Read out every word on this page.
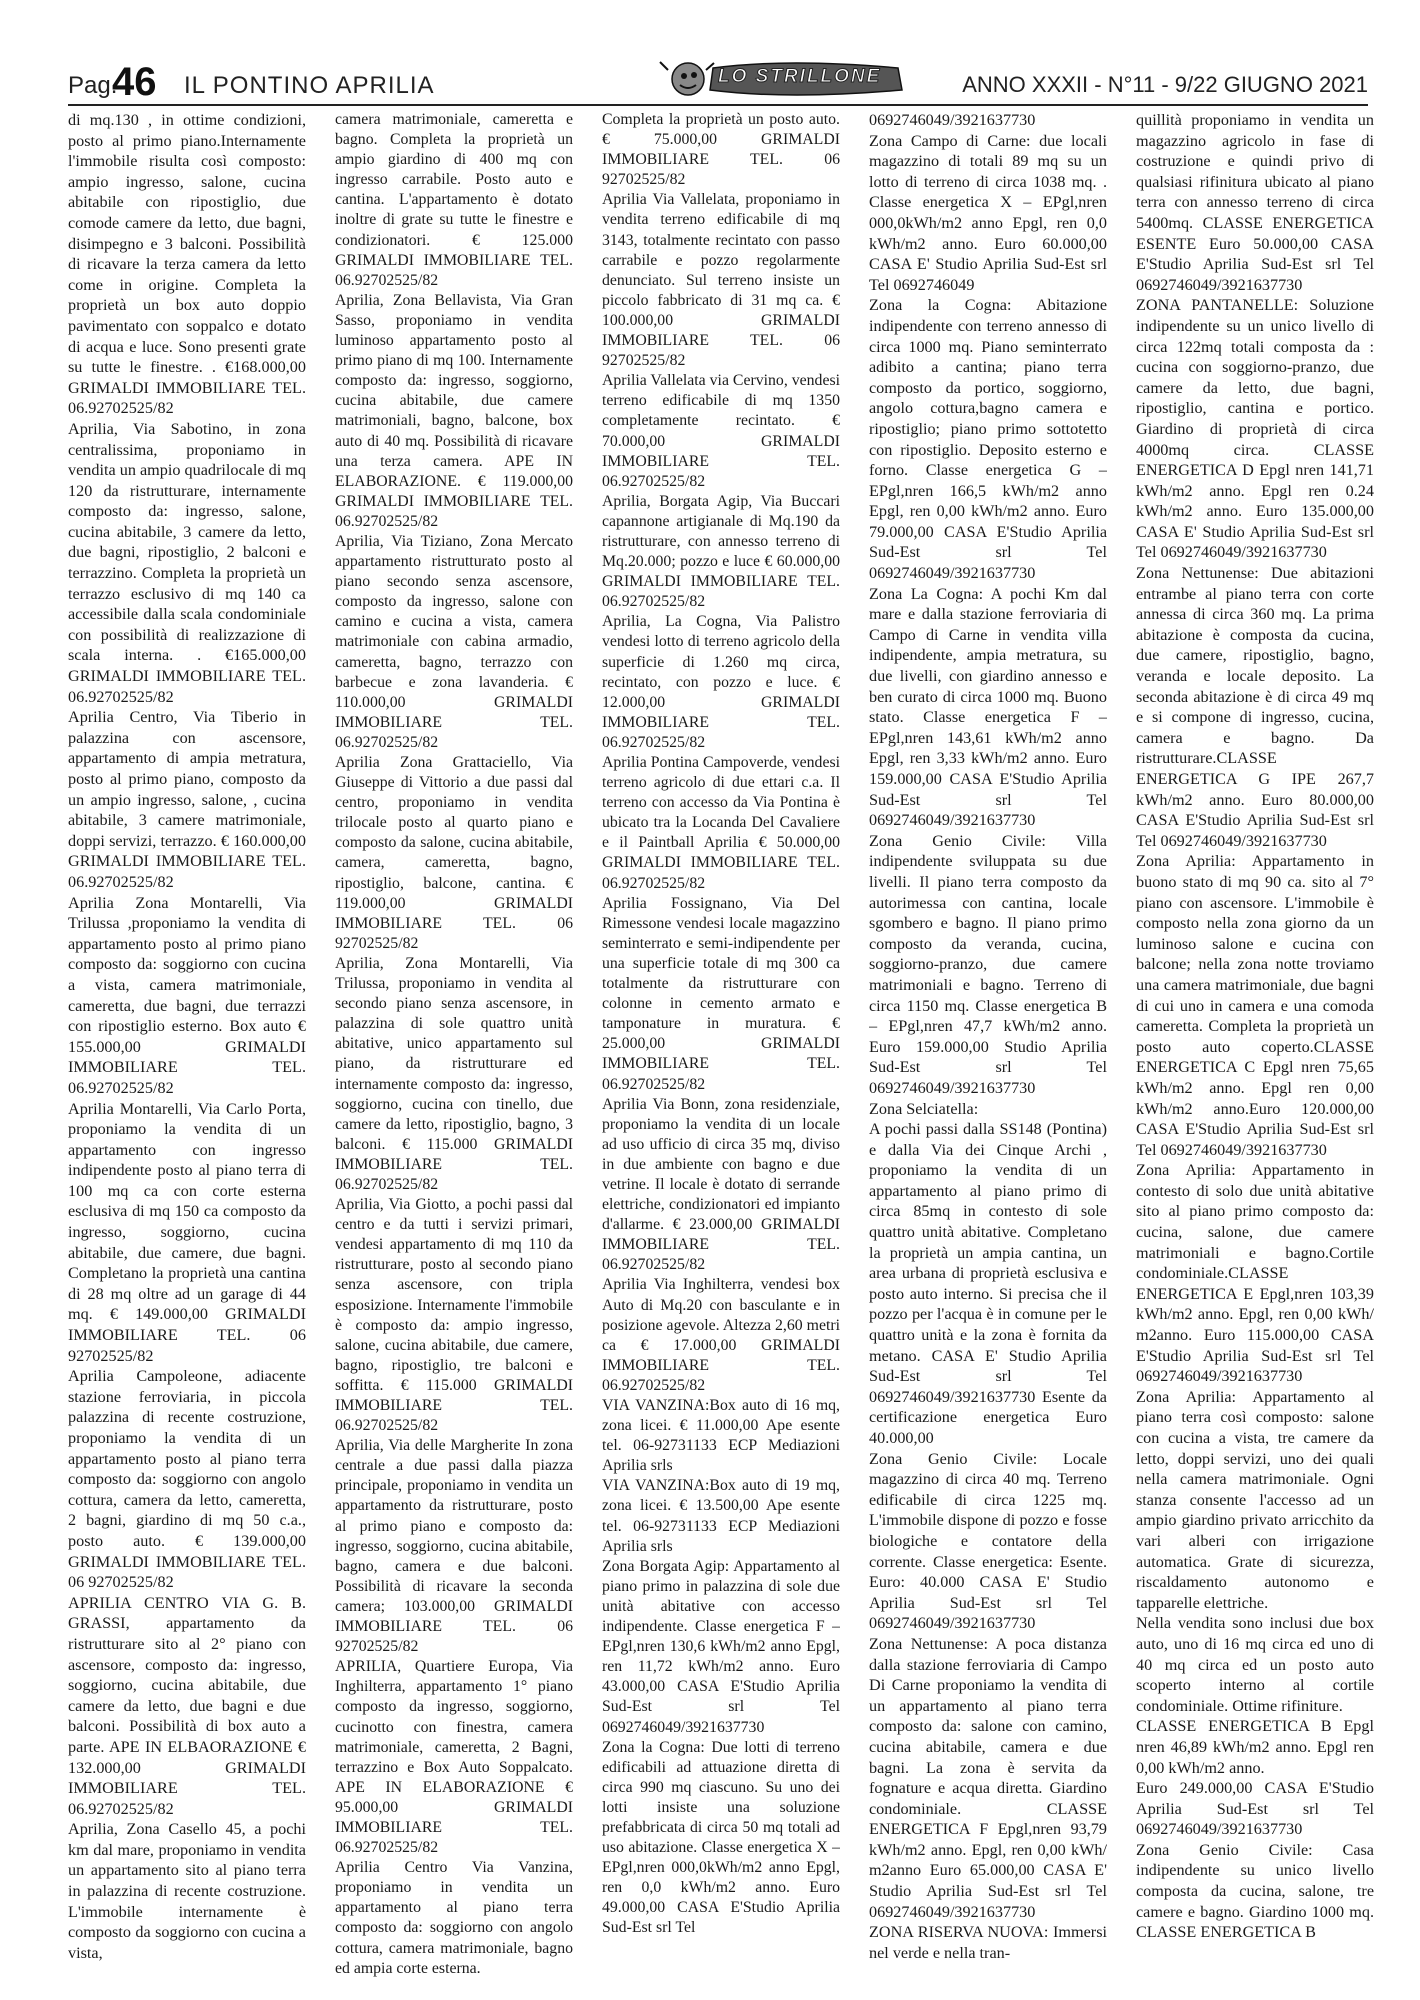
Pag.
46 IL PONTINO APRILIA	LO STRILLONE	ANNO XXXII - N°11 - 9/22 GIUGNO 2021

di mq.130 , in ottime condizioni, posto al primo piano.Internamente l'immobile risulta così composto: ampio ingresso, salone, cucina abitabile con ripostiglio, due comode camere da letto, due bagni, disimpegno e 3 balconi. Possibilità di ricavare la terza camera da letto come in origine. Completa la proprietà un box auto doppio pavimentato con soppalco e dotato di acqua e luce. Sono presenti grate su tutte le finestre. . €168.000,00 GRIMALDI IMMOBILIARE TEL. 06.92702525/82

Aprilia, Via Sabotino, in zona centralissima, proponiamo in vendita un ampio quadrilocale di mq 120 da ristrutturare, internamente composto da: ingresso, salone, cucina abitabile, 3 camere da letto, due bagni, ripostiglio, 2 balconi e terrazzino. Completa la proprietà un terrazzo esclusivo di mq 140 ca accessibile dalla scala condominiale con possibilità di realizzazione di scala interna. . €165.000,00 GRIMALDI IMMOBILIARE TEL. 06.92702525/82

Aprilia Centro, Via Tiberio in palazzina con ascensore, appartamento di ampia metratura, posto al primo piano, composto da un ampio ingresso, salone, , cucina abitabile, 3 camere matrimoniale, doppi servizi, terrazzo. € 160.000,00 GRIMALDI IMMOBILIARE TEL. 06.92702525/82

Aprilia Zona Montarelli, Via Trilussa ,proponiamo la vendita di appartamento posto al primo piano composto da: soggiorno con cucina a vista, camera matrimoniale, cameretta, due bagni, due terrazzi con ripostiglio esterno. Box auto € 155.000,00 GRIMALDI IMMOBILIARE TEL. 06.92702525/82

Aprilia Montarelli, Via Carlo Porta, proponiamo la vendita di un appartamento con ingresso indipendente posto al piano terra di 100 mq ca con corte esterna esclusiva di mq 150 ca composto da ingresso, soggiorno, cucina abitabile, due camere, due bagni. Completano la proprietà una cantina di 28 mq oltre ad un garage di 44 mq. € 149.000,00 GRIMALDI IMMOBILIARE TEL. 06 92702525/82

Aprilia Campoleone, adiacente stazione ferroviaria, in piccola palazzina di recente costruzione, proponiamo la vendita di un appartamento posto al piano terra composto da: soggiorno con angolo cottura, camera da letto, cameretta, 2 bagni, giardino di mq 50 c.a., posto auto. € 139.000,00 GRIMALDI IMMOBILIARE TEL. 06 92702525/82

APRILIA CENTRO VIA G. B. GRASSI, appartamento da ristrutturare sito al 2° piano con ascensore, composto da: ingresso, soggiorno, cucina abitabile, due camere da letto, due bagni e due balconi. Possibilità di box auto a parte. APE IN ELBAORAZIONE € 132.000,00 GRIMALDI IMMOBILIARE TEL. 06.92702525/82

Aprilia, Zona Casello 45, a pochi km dal mare, proponiamo in vendita un appartamento sito al piano terra in palazzina di recente costruzione. L'immobile internamente è composto da soggiorno con cucina a vista,

camera matrimoniale, cameretta e bagno. Completa la proprietà un ampio giardino di 400 mq con ingresso carrabile. Posto auto e cantina. L'appartamento è dotato inoltre di grate su tutte le finestre e condizionatori. € 125.000 GRIMALDI IMMOBILIARE TEL. 06.92702525/82

Aprilia, Zona Bellavista, Via Gran Sasso, proponiamo in vendita luminoso appartamento posto al primo piano di mq 100. Internamente composto da: ingresso, soggiorno, cucina abitabile, due camere matrimoniali, bagno, balcone, box auto di 40 mq. Possibilità di ricavare una terza camera. APE IN ELABORAZIONE. € 119.000,00 GRIMALDI IMMOBILIARE TEL. 06.92702525/82

Aprilia, Via Tiziano, Zona Mercato appartamento ristrutturato posto al piano secondo senza ascensore, composto da ingresso, salone con camino e cucina a vista, camera matrimoniale con cabina armadio, cameretta, bagno, terrazzo con barbecue e zona lavanderia. € 110.000,00 GRIMALDI IMMOBILIARE TEL. 06.92702525/82

Aprilia Zona Grattaciello, Via Giuseppe di Vittorio a due passi dal centro, proponiamo in vendita trilocale posto al quarto piano e composto da salone, cucina abitabile, camera, cameretta, bagno, ripostiglio, balcone, cantina. € 119.000,00 GRIMALDI IMMOBILIARE TEL. 06 92702525/82

Aprilia, Zona Montarelli, Via Trilussa, proponiamo in vendita al secondo piano senza ascensore, in palazzina di sole quattro unità abitative, unico appartamento sul piano, da ristrutturare ed internamente composto da: ingresso, soggiorno, cucina con tinello, due camere da letto, ripostiglio, bagno, 3 balconi. € 115.000 GRIMALDI IMMOBILIARE TEL. 06.92702525/82

Aprilia, Via Giotto, a pochi passi dal centro e da tutti i servizi primari, vendesi appartamento di mq 110 da ristrutturare, posto al secondo piano senza ascensore, con tripla esposizione. Internamente l'immobile è composto da: ampio ingresso, salone, cucina abitabile, due camere, bagno, ripostiglio, tre balconi e soffitta. € 115.000 GRIMALDI IMMOBILIARE TEL. 06.92702525/82

Aprilia, Via delle Margherite In zona centrale a due passi dalla piazza principale, proponiamo in vendita un appartamento da ristrutturare, posto al primo piano e composto da: ingresso, soggiorno, cucina abitabile, bagno, camera e due balconi. Possibilità di ricavare la seconda camera; 103.000,00 GRIMALDI IMMOBILIARE TEL. 06 92702525/82

APRILIA, Quartiere Europa, Via Inghilterra, appartamento 1° piano composto da ingresso, soggiorno, cucinotto con finestra, camera matrimoniale, cameretta, 2 Bagni, terrazzino e Box Auto Soppalcato. APE IN ELABORAZIONE € 95.000,00 GRIMALDI IMMOBILIARE TEL. 06.92702525/82

Aprilia Centro Via Vanzina, proponiamo in vendita un appartamento al piano terra composto da: soggiorno con angolo cottura, camera matrimoniale, bagno ed ampia corte esterna.

Completa la proprietà un posto auto. € 75.000,00 GRIMALDI IMMOBILIARE TEL. 06 92702525/82

Aprilia Via Vallelata, proponiamo in vendita terreno edificabile di mq 3143, totalmente recintato con passo carrabile e pozzo regolarmente denunciato. Sul terreno insiste un piccolo fabbricato di 31 mq ca. € 100.000,00 GRIMALDI IMMOBILIARE TEL. 06 92702525/82

Aprilia Vallelata via Cervino, vendesi terreno edificabile di mq 1350 completamente recintato. € 70.000,00 GRIMALDI IMMOBILIARE TEL. 06.92702525/82

Aprilia, Borgata Agip, Via Buccari capannone artigianale di Mq.190 da ristrutturare, con annesso terreno di Mq.20.000; pozzo e luce € 60.000,00 GRIMALDI IMMOBILIARE TEL. 06.92702525/82

Aprilia, La Cogna, Via Palistro vendesi lotto di terreno agricolo della superficie di 1.260 mq circa, recintato, con pozzo e luce. € 12.000,00 GRIMALDI IMMOBILIARE TEL. 06.92702525/82

Aprilia Pontina Campoverde, vendesi terreno agricolo di due ettari c.a. Il terreno con accesso da Via Pontina è ubicato tra la Locanda Del Cavaliere e il Paintball Aprilia € 50.000,00 GRIMALDI IMMOBILIARE TEL. 06.92702525/82

Aprilia Fossignano, Via Del Rimessone vendesi locale magazzino seminterrato e semi-indipendente per una superficie totale di mq 300 ca totalmente da ristrutturare con colonne in cemento armato e tamponature in muratura. € 25.000,00 GRIMALDI IMMOBILIARE TEL. 06.92702525/82

Aprilia Via Bonn, zona residenziale, proponiamo la vendita di un locale ad uso ufficio di circa 35 mq, diviso in due ambiente con bagno e due vetrine. Il locale è dotato di serrande elettriche, condizionatori ed impianto d'allarme. € 23.000,00 GRIMALDI IMMOBILIARE TEL. 06.92702525/82

Aprilia Via Inghilterra, vendesi box Auto di Mq.20 con basculante e in posizione agevole. Altezza 2,60 metri ca € 17.000,00 GRIMALDI IMMOBILIARE TEL. 06.92702525/82

VIA VANZINA:Box auto di 16 mq, zona licei. € 11.000,00 Ape esente tel. 06-92731133 ECP Mediazioni Aprilia srls

VIA VANZINA:Box auto di 19 mq, zona licei. € 13.500,00 Ape esente tel. 06-92731133 ECP Mediazioni Aprilia srls

Zona Borgata Agip: Appartamento al piano primo in palazzina di sole due unità abitative con accesso indipendente. Classe energetica F – EPgl,nren 130,6 kWh/m2 anno Epgl, ren 11,72 kWh/m2 anno. Euro 43.000,00 CASA E'Studio Aprilia Sud-Est srl Tel 0692746049/3921637730

Zona la Cogna: Due lotti di terreno edificabili ad attuazione diretta di circa 990 mq ciascuno. Su uno dei lotti insiste una soluzione prefabbricata di circa 50 mq totali ad uso abitazione. Classe energetica X – EPgl,nren 000,0kWh/m2 anno Epgl, ren 0,0 kWh/m2 anno. Euro 49.000,00 CASA E'Studio Aprilia Sud-Est srl Tel

0692746049/3921637730

Zona Campo di Carne: due locali magazzino di totali 89 mq su un lotto di terreno di circa 1038 mq. . Classe energetica X – EPgl,nren 000,0kWh/m2 anno Epgl, ren 0,0 kWh/m2 anno. Euro 60.000,00 CASA E' Studio Aprilia Sud-Est srl Tel 0692746049

Zona la Cogna: Abitazione indipendente con terreno annesso di circa 1000 mq. Piano seminterrato adibito a cantina; piano terra composto da portico, soggiorno, angolo cottura,bagno camera e ripostiglio; piano primo sottotetto con ripostiglio. Deposito esterno e forno. Classe energetica G – EPgl,nren 166,5 kWh/m2 anno Epgl, ren 0,00 kWh/m2 anno. Euro 79.000,00 CASA E'Studio Aprilia Sud-Est srl Tel 0692746049/3921637730

Zona La Cogna: A pochi Km dal mare e dalla stazione ferroviaria di Campo di Carne in vendita villa indipendente, ampia metratura, su due livelli, con giardino annesso e ben curato di circa 1000 mq. Buono stato. Classe energetica F – EPgl,nren 143,61 kWh/m2 anno Epgl, ren 3,33 kWh/m2 anno. Euro 159.000,00 CASA E'Studio Aprilia Sud-Est srl Tel 0692746049/3921637730

Zona Genio Civile: Villa indipendente sviluppata su due livelli. Il piano terra composto da autorimessa con cantina, locale sgombero e bagno. Il piano primo composto da veranda, cucina, soggiorno-pranzo, due camere matrimoniali e bagno. Terreno di circa 1150 mq. Classe energetica B – EPgl,nren 47,7 kWh/m2 anno. Euro 159.000,00 Studio Aprilia Sud-Est srl Tel 0692746049/3921637730

Zona Selciatella:

A pochi passi dalla SS148 (Pontina) e dalla Via dei Cinque Archi , proponiamo la vendita di un appartamento al piano primo di circa 85mq in contesto di sole quattro unità abitative. Completano la proprietà un ampia cantina, un area urbana di proprietà esclusiva e posto auto interno. Si precisa che il pozzo per l'acqua è in comune per le quattro unità e la zona è fornita da metano. CASA E' Studio Aprilia Sud-Est srl Tel 0692746049/3921637730 Esente da certificazione energetica Euro 40.000,00

Zona Genio Civile: Locale magazzino di circa 40 mq. Terreno edificabile di circa 1225 mq. L'immobile dispone di pozzo e fosse biologiche e contatore della corrente. Classe energetica: Esente. Euro: 40.000 CASA E' Studio Aprilia Sud-Est srl Tel 0692746049/3921637730

Zona Nettunense: A poca distanza dalla stazione ferroviaria di Campo Di Carne proponiamo la vendita di un appartamento al piano terra composto da: salone con camino, cucina abitabile, camera e due bagni. La zona è servita da fognature e acqua diretta. Giardino condominiale. CLASSE ENERGETICA F Epgl,nren 93,79 kWh/m2 anno. Epgl, ren 0,00 kWh/ m2anno Euro 65.000,00 CASA E' Studio Aprilia Sud-Est srl Tel 0692746049/3921637730

ZONA RISERVA NUOVA: Immersi nel verde e nella tran-

quillità proponiamo in vendita un magazzino agricolo in fase di costruzione e quindi privo di qualsiasi rifinitura ubicato al piano terra con annesso terreno di circa 5400mq. CLASSE ENERGETICA ESENTE Euro 50.000,00 CASA E'Studio Aprilia Sud-Est srl Tel 0692746049/3921637730

ZONA PANTANELLE: Soluzione indipendente su un unico livello di circa 122mq totali composta da : cucina con soggiorno-pranzo, due camere da letto, due bagni, ripostiglio, cantina e portico. Giardino di proprietà di circa 4000mq circa. CLASSE ENERGETICA D Epgl nren 141,71 kWh/m2 anno. Epgl ren 0.24 kWh/m2 anno. Euro 135.000,00 CASA E' Studio Aprilia Sud-Est srl Tel 0692746049/3921637730

Zona Nettunense: Due abitazioni entrambe al piano terra con corte annessa di circa 360 mq. La prima abitazione è composta da cucina, due camere, ripostiglio, bagno, veranda e locale deposito. La seconda abitazione è di circa 49 mq e si compone di ingresso, cucina, camera e bagno. Da ristrutturare.CLASSE ENERGETICA G IPE 267,7 kWh/m2 anno. Euro 80.000,00 CASA E'Studio Aprilia Sud-Est srl Tel 0692746049/3921637730

Zona Aprilia: Appartamento in buono stato di mq 90 ca. sito al 7° piano con ascensore. L'immobile è composto nella zona giorno da un luminoso salone e cucina con balcone; nella zona notte troviamo una camera matrimoniale, due bagni di cui uno in camera e una comoda cameretta. Completa la proprietà un posto auto coperto.CLASSE ENERGETICA C Epgl nren 75,65 kWh/m2 anno. Epgl ren 0,00 kWh/m2 anno.Euro 120.000,00 CASA E'Studio Aprilia Sud-Est srl Tel 0692746049/3921637730

Zona Aprilia: Appartamento in contesto di solo due unità abitative sito al piano primo composto da: cucina, salone, due camere matrimoniali e bagno.Cortile condominiale.CLASSE ENERGETICA E Epgl,nren 103,39 kWh/m2 anno. Epgl, ren 0,00 kWh/ m2anno. Euro 115.000,00 CASA E'Studio Aprilia Sud-Est srl Tel 0692746049/3921637730

Zona Aprilia: Appartamento al piano terra così composto: salone con cucina a vista, tre camere da letto, doppi servizi, uno dei quali nella camera matrimoniale. Ogni stanza consente l'accesso ad un ampio giardino privato arricchito da vari alberi con irrigazione automatica. Grate di sicurezza, riscaldamento autonomo e tapparelle elettriche.

Nella vendita sono inclusi due box auto, uno di 16 mq circa ed uno di 40 mq circa ed un posto auto scoperto interno al cortile condominiale. Ottime rifiniture.

CLASSE ENERGETICA B Epgl nren 46,89 kWh/m2 anno. Epgl ren 0,00 kWh/m2 anno.

Euro 249.000,00 CASA E'Studio Aprilia Sud-Est srl Tel 0692746049/3921637730

Zona Genio Civile: Casa indipendente su unico livello composta da cucina, salone, tre camere e bagno. Giardino 1000 mq. CLASSE ENERGETICA B
